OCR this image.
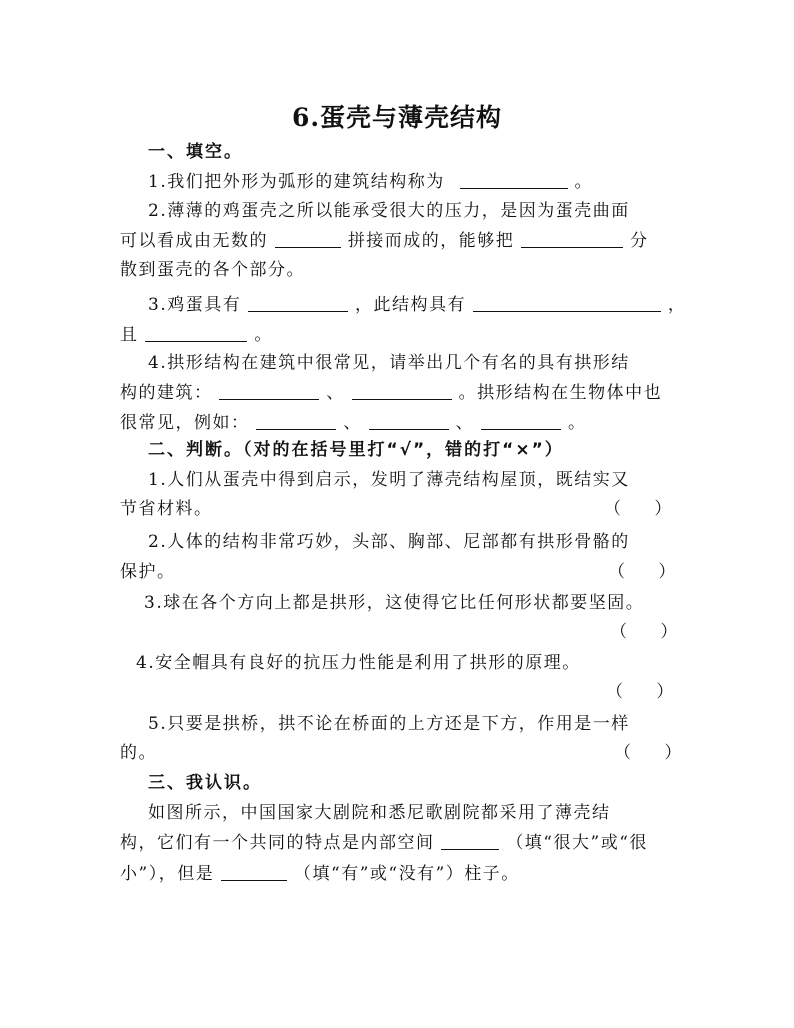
6.蛋壳与薄壳结构
一、填空。
1.我们把外形为弧形的建筑结构称为	。
2.薄薄的鸡蛋壳之所以能承受很大的压力，是因为蛋壳曲面
可以看成由无数的	拼接而成的，能够把	分
散到蛋壳的各个部分。
3.鸡蛋具有	，此结构具有	，
且	。
4.拱形结构在建筑中很常见，请举出几个有名的具有拱形结
构的建筑：	、	。拱形结构在生物体中也
很常见，例如：	、	、	。
二、判断。（对的在括号里打“√”，错的打“×”）
1.人们从蛋壳中得到启示，发明了薄壳结构屋顶，既结实又
节省材料。	（ ）
2.人体的结构非常巧妙，头部、胸部、尼部都有拱形骨骼的
保护。	（ ）
3.球在各个方向上都是拱形，这使得它比任何形状都要坚固。
（ ）
4.安全帽具有良好的抗压力性能是利用了拱形的原理。
（ ）
5.只要是拱桥，拱不论在桥面的上方还是下方，作用是一样
的。	（ ）
三、我认识。
如图所示，中国国家大剧院和悉尼歌剧院都采用了薄壳结
构，它们有一个共同的特点是内部空间	（填“很大”或“很
小”），但是	（填“有”或“没有”）柱子。
